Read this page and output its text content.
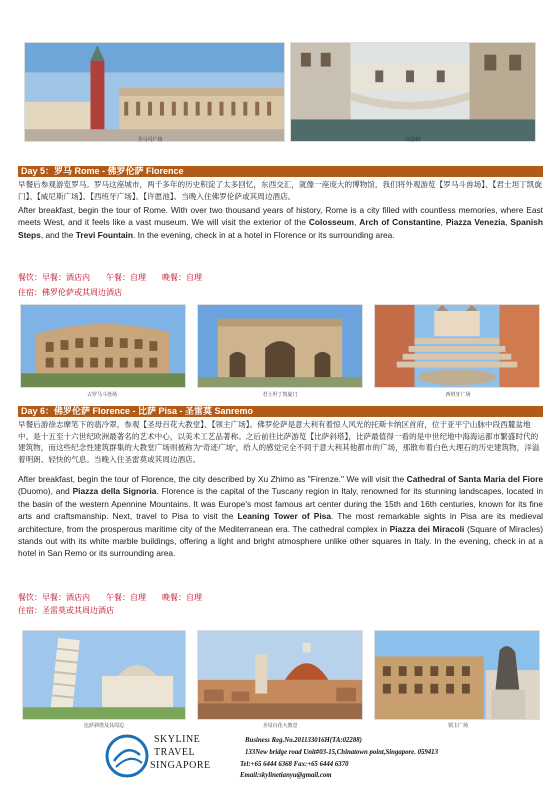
圣马可广场	叹息桥
Day 5：罗马 Rome - 佛罗伦萨 Florence
早餐后参观游览罗马。罗马这座城市，两千多年的历史积淀了太多回忆，东西交汇，就像一座庞大的博物馆，我们将外观游览【罗马斗兽场】、【君士坦丁凯旋门】、【威尼斯广场】、【西班牙广场】、【许愿池】。当晚入住佛罗伦萨或其周边酒店。
After breakfast, begin the tour of Rome. With over two thousand years of history, Rome is a city filled with countless memories, where East meets West, and it feels like a vast museum. We will visit the exterior of the Colosseum, Arch of Constantine, Piazza Venezia, Spanish Steps, and the Trevi Fountain. In the evening, check in at a hotel in Florence or its surrounding area.
餐饮：早餐：酒店内　　午餐：自理　　晚餐：自理
住宿：佛罗伦萨或其周边酒店
古罗马斗兽场	君士坦丁凯旋门	西班牙广场
Day 6：佛罗伦萨 Florence - 比萨 Pisa - 圣雷莫 Sanremo
早餐后游徐志摩笔下的翡冷翠，参观【圣母百花大教堂】、【领主广场】。佛罗伦萨是意大利有着惊人风光的托斯卡纳区首府，位于亚平宁山脉中段西麓盆地中。是十五至十六世纪欧洲最著名的艺术中心，以美术工艺品著称。之后前往比萨游览【比萨斜塔】，比萨最值得一看的是中世纪地中海海运都市繁盛时代的建筑物，而这些纪念性建筑群集的大教堂广场则被称为“奇迹广场”，给人的感觉完全不同于意大利其他都市的广场，那散布着白色大理石的历史建筑物，洋溢着明朗、轻快的气息。当晚入住圣雷莫或其周边酒店。
After breakfast, begin the tour of Florence, the city described by Xu Zhimo as "Firenze." We will visit the Cathedral of Santa Maria del Fiore (Duomo), and Piazza della Signoria. Florence is the capital of the Tuscany region in Italy, renowned for its stunning landscapes, located in the basin of the western Apennine Mountains. It was Europe's most famous art center during the 15th and 16th centuries, known for its fine arts and craftsmanship. Next, travel to Pisa to visit the Leaning Tower of Pisa. The most remarkable sights in Pisa are its medieval architecture, from the prosperous maritime city of the Mediterranean era. The cathedral complex in Piazza dei Miracoli (Square of Miracles) stands out with its white marble buildings, offering a light and bright atmosphere unlike other squares in Italy. In the evening, check in at a hotel in San Remo or its surrounding area.
餐饮：早餐：酒店内　　午餐：自理　　晚餐：自理
住宿：圣雷莫或其周边酒店
比萨斜塔及其周边	圣母百花大教堂	领主广场
SKYLINE
TRAVEL
SINGAPORE
Business Reg.No.201133016H(TA:02288)
133New bridge road Unit#03-15,Chinatown point,Singapore. 059413
Tel:+65 6444 6368 Fax:+65 6444 6370
Email:skylinetianyu@gmail.com
